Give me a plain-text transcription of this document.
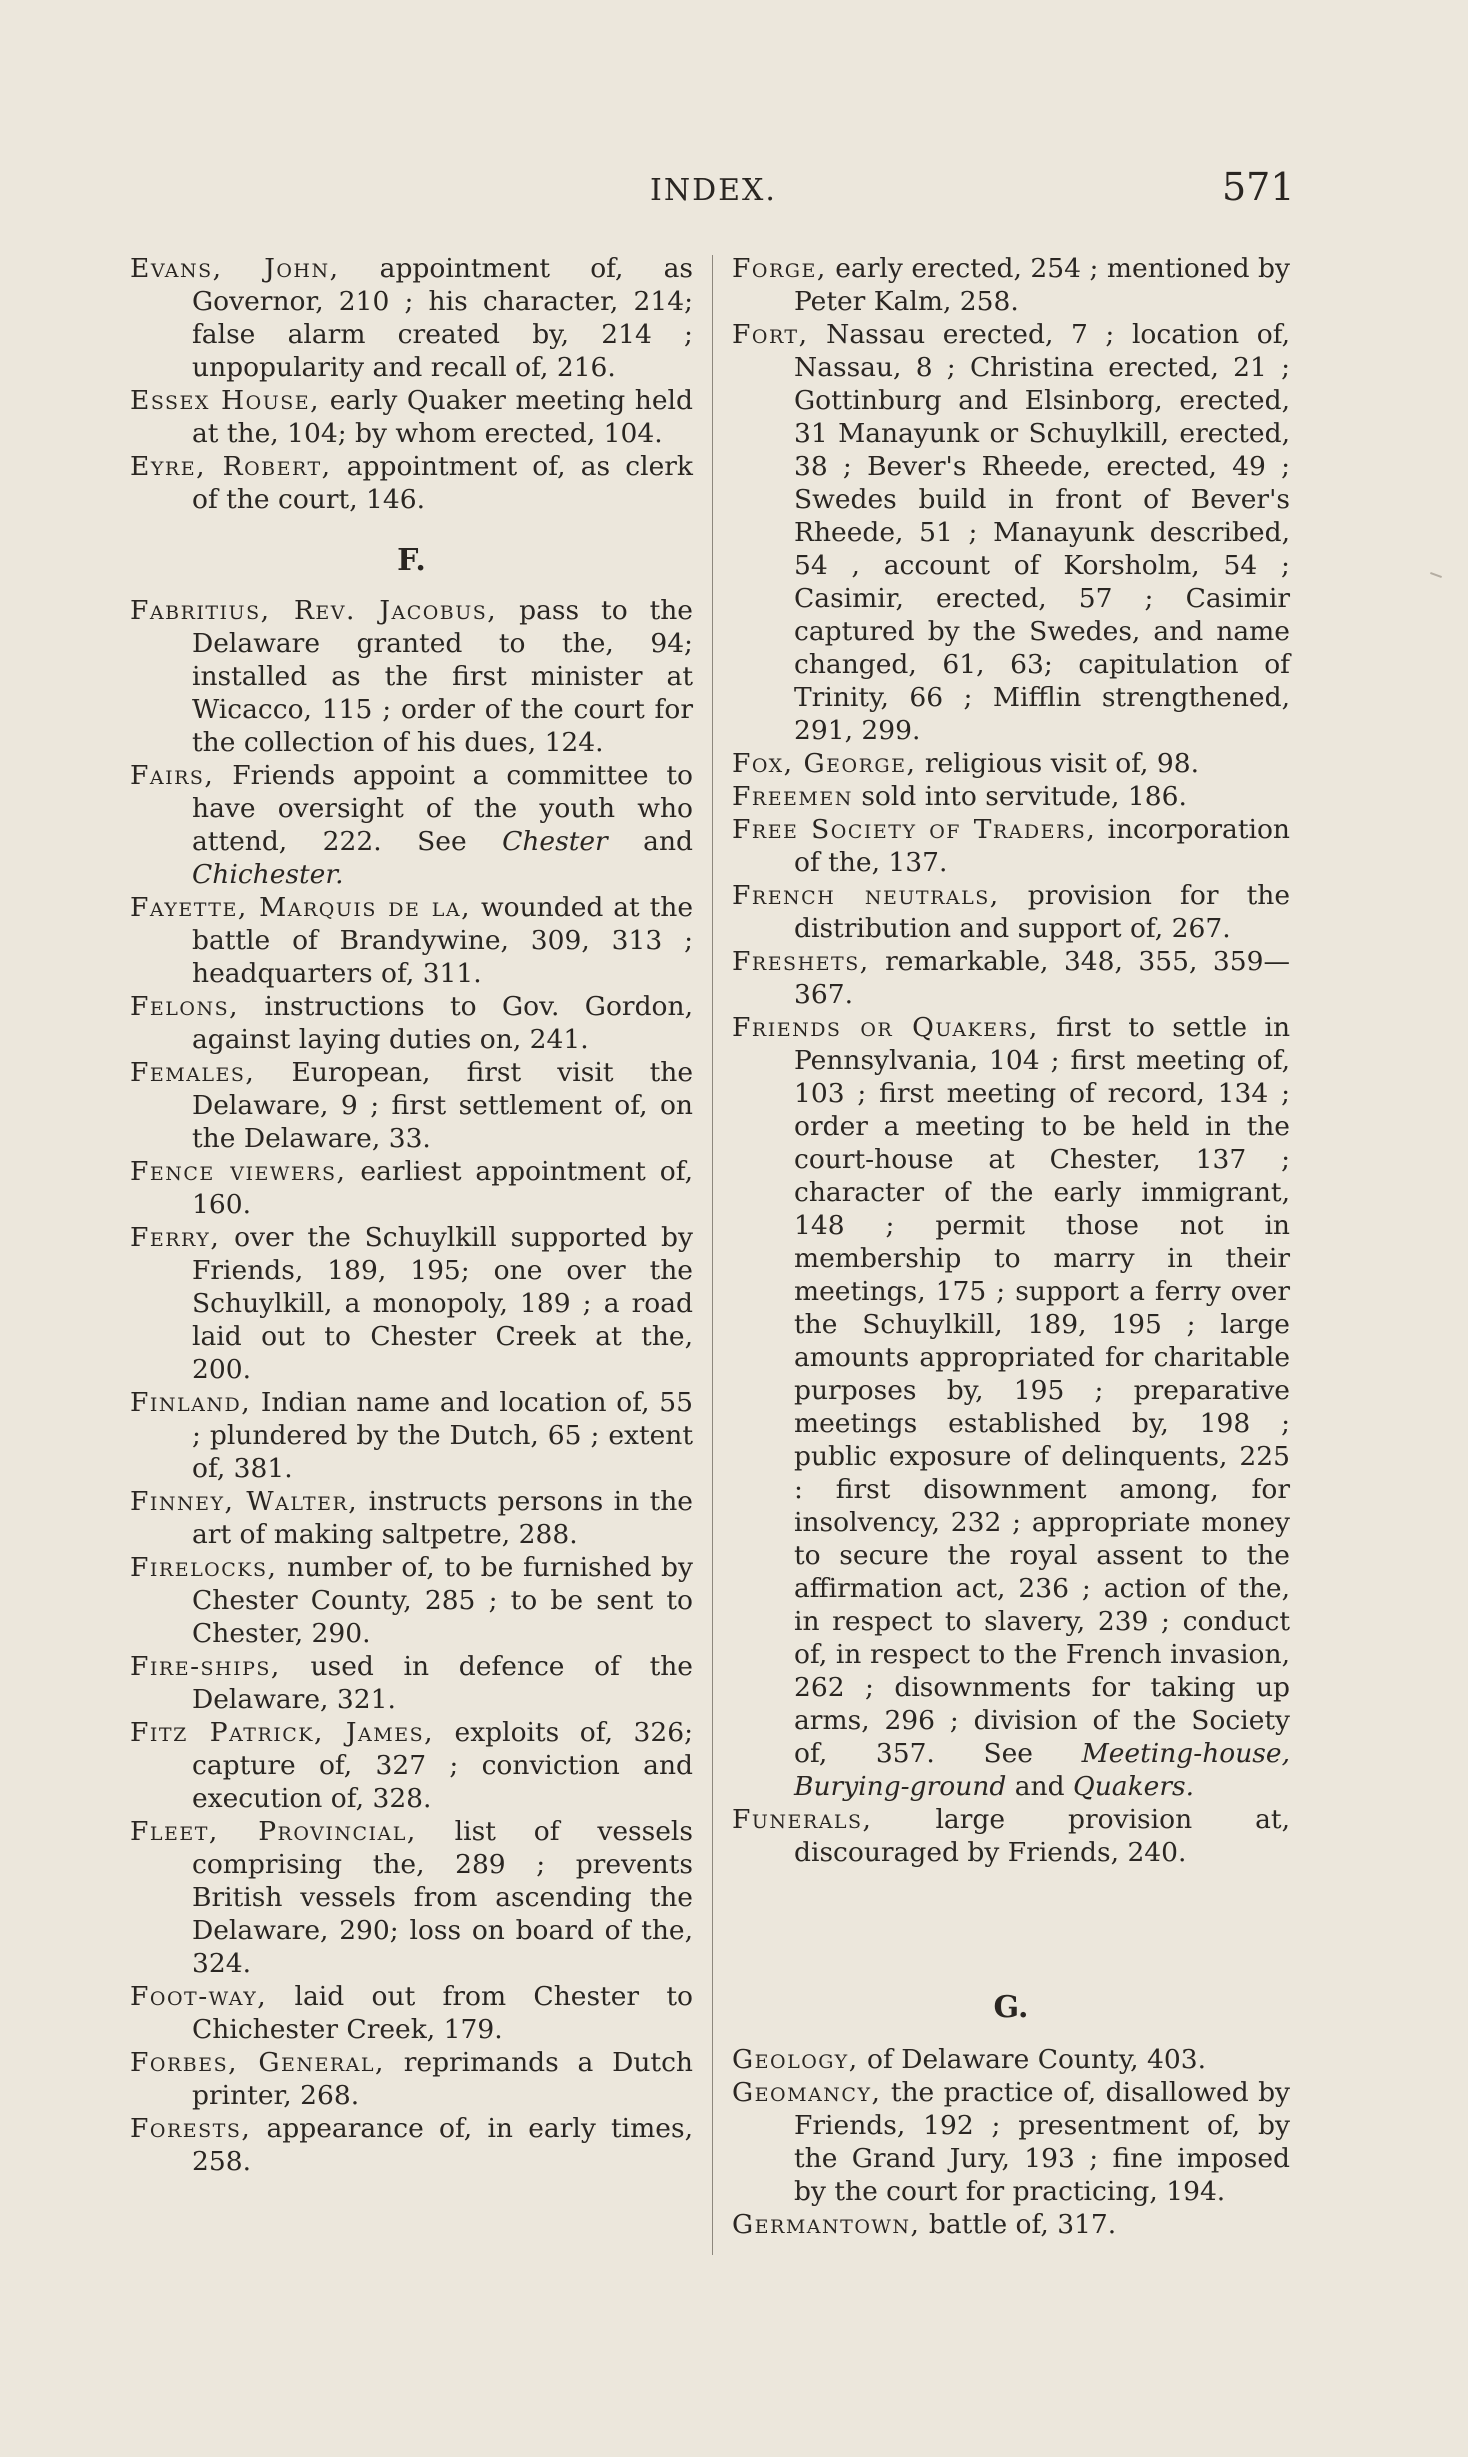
INDEX.	571

Evans, John, appointment of, as Governor, 210 ; his character, 214; false alarm created by, 214 ; unpopularity and recall of, 216.

Essex House, early Quaker meeting held at the, 104; by whom erected, 104.

Eyre, Robert, appointment of, as clerk of the court, 146.

F.

Fabritius, Rev. Jacobus, pass to the Delaware granted to the, 94; installed as the first minister at Wicacco, 115 ; order of the court for the collection of his dues, 124.

Fairs, Friends appoint a committee to have oversight of the youth who attend, 222. See Chester and Chichester.

Fayette, Marquis de la, wounded at the battle of Brandywine, 309, 313 ; headquarters of, 311.

Felons, instructions to Gov. Gordon, against laying duties on, 241.

Females, European, first visit the Delaware, 9 ; first settlement of, on the Delaware, 33.

Fence viewers, earliest appointment of, 160.

Ferry, over the Schuylkill supported by Friends, 189, 195; one over the Schuylkill, a monopoly, 189 ; a road laid out to Chester Creek at the, 200.

Finland, Indian name and location of, 55 ; plundered by the Dutch, 65 ; extent of, 381.

Finney, Walter, instructs persons in the art of making saltpetre, 288.

Firelocks, number of, to be furnished by Chester County, 285 ; to be sent to Chester, 290.

Fire-ships, used in defence of the Delaware, 321.

Fitz Patrick, James, exploits of, 326; capture of, 327 ; conviction and execution of, 328.

Fleet, Provincial, list of vessels comprising the, 289 ; prevents British vessels from ascending the Delaware, 290; loss on board of the, 324.

Foot-way, laid out from Chester to Chichester Creek, 179.

Forbes, General, reprimands a Dutch printer, 268.

Forests, appearance of, in early times, 258.

Forge, early erected, 254 ; mentioned by Peter Kalm, 258.

Fort, Nassau erected, 7 ; location of, Nassau, 8 ; Christina erected, 21 ; Gottinburg and Elsinborg, erected, 31 Manayunk or Schuylkill, erected, 38 ; Bever's Rheede, erected, 49 ; Swedes build in front of Bever's Rheede, 51 ; Manayunk described, 54 , account of Korsholm, 54 ; Casimir, erected, 57 ; Casimir captured by the Swedes, and name changed, 61, 63; capitulation of Trinity, 66 ; Mifflin strengthened, 291, 299.

Fox, George, religious visit of, 98.

Freemen sold into servitude, 186.

Free Society of Traders, incorporation of the, 137.

French neutrals, provision for the distribution and support of, 267.

Freshets, remarkable, 348, 355, 359—367.

Friends or Quakers, first to settle in Pennsylvania, 104 ; first meeting of, 103 ; first meeting of record, 134 ; order a meeting to be held in the court-house at Chester, 137 ; character of the early immigrant, 148 ; permit those not in membership to marry in their meetings, 175 ; support a ferry over the Schuylkill, 189, 195 ; large amounts appropriated for charitable purposes by, 195 ; preparative meetings established by, 198 ; public exposure of delinquents, 225 : first disownment among, for insolvency, 232 ; appropriate money to secure the royal assent to the affirmation act, 236 ; action of the, in respect to slavery, 239 ; conduct of, in respect to the French invasion, 262 ; disownments for taking up arms, 296 ; division of the Society of, 357. See Meeting-house, Burying-ground and Quakers.

Funerals, large provision at, discouraged by Friends, 240.

G.

Geology, of Delaware County, 403.

Geomancy, the practice of, disallowed by Friends, 192 ; presentment of, by the Grand Jury, 193 ; fine imposed by the court for practicing, 194.

Germantown, battle of, 317.
